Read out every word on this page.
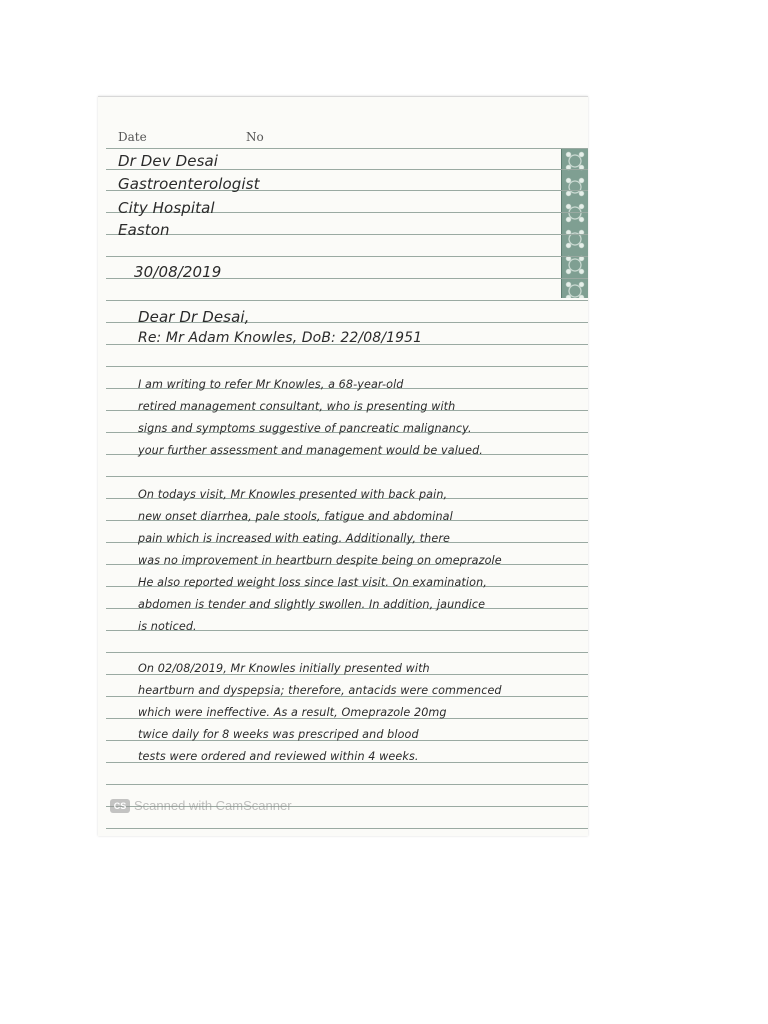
Date	No
Dr Dev Desai
Gastroenterologist
City Hospital
Easton
30/08/2019
Dear Dr Desai,
Re: Mr Adam Knowles, DoB: 22/08/1951
I am writing to refer Mr Knowles, a 68-year-old
retired management consultant, who is presenting with
signs and symptoms suggestive of pancreatic malignancy.
your further assessment and management would be valued.
On todays visit, Mr Knowles presented with back pain,
new onset diarrhea, pale stools, fatigue and abdominal
pain which is increased with eating. Additionally, there
was no improvement in heartburn despite being on omeprazole
He also reported weight loss since last visit. On examination,
abdomen is tender and slightly swollen. In addition, jaundice
is noticed.
On 02/08/2019, Mr Knowles initially presented with
heartburn and dyspepsia; therefore, antacids were commenced
which were ineffective. As a result, Omeprazole 20mg
twice daily for 8 weeks was prescriped and blood
tests were ordered and reviewed within 4 weeks.
CS Scanned with CamScanner
